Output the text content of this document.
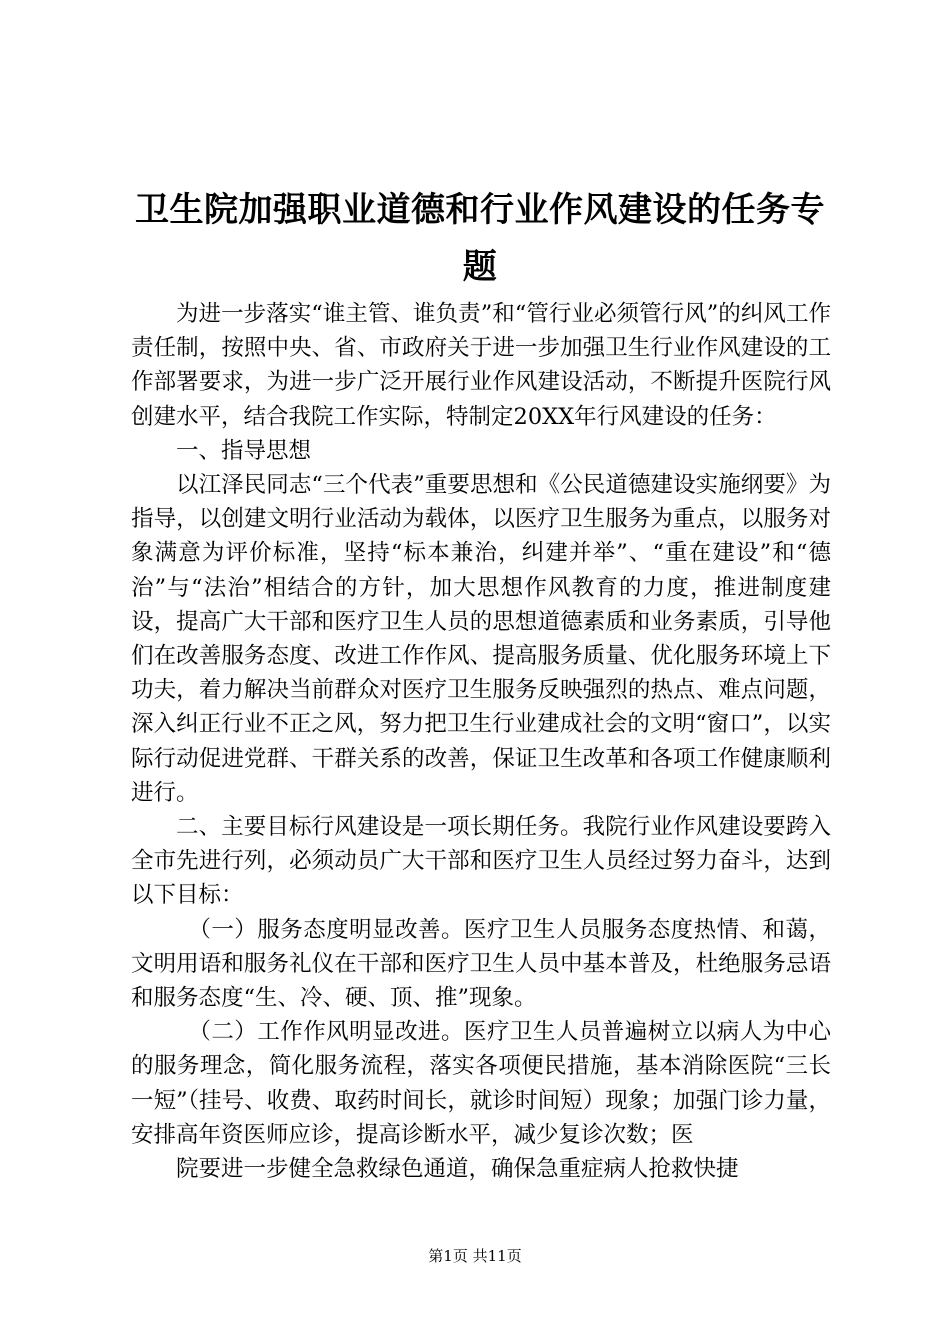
卫生院加强职业道德和行业作风建设的任务专
题

为进一步落实“谁主管、谁负责”和“管行业必须管行风”的纠风工作责任制，按照中央、省、市政府关于进一步加强卫生行业作风建设的工作部署要求，为进一步广泛开展行业作风建设活动，不断提升医院行风创建水平，结合我院工作实际，特制定20XX年行风建设的任务：

一、指导思想

以江泽民同志“三个代表”重要思想和《公民道德建设实施纲要》为指导，以创建文明行业活动为载体，以医疗卫生服务为重点，以服务对象满意为评价标准，坚持“标本兼治，纠建并举”、“重在建设”和“德治”与“法治”相结合的方针，加大思想作风教育的力度，推进制度建设，提高广大干部和医疗卫生人员的思想道德素质和业务素质，引导他们在改善服务态度、改进工作作风、提高服务质量、优化服务环境上下功夫，着力解决当前群众对医疗卫生服务反映强烈的热点、难点问题，深入纠正行业不正之风，努力把卫生行业建成社会的文明“窗口”，以实际行动促进党群、干群关系的改善，保证卫生改革和各项工作健康顺利进行。

二、主要目标行风建设是一项长期任务。我院行业作风建设要跨入全市先进行列，必须动员广大干部和医疗卫生人员经过努力奋斗，达到以下目标：

（一）服务态度明显改善。医疗卫生人员服务态度热情、和蔼，文明用语和服务礼仪在干部和医疗卫生人员中基本普及，杜绝服务忌语和服务态度“生、冷、硬、顶、推”现象。

（二）工作作风明显改进。医疗卫生人员普遍树立以病人为中心的服务理念，简化服务流程，落实各项便民措施，基本消除医院“三长一短”（挂号、收费、取药时间长，就诊时间短）现象；加强门诊力量，安排高年资医师应诊，提高诊断水平，减少复诊次数；医

院要进一步健全急救绿色通道，确保急重症病人抢救快捷

第1页 共11页
